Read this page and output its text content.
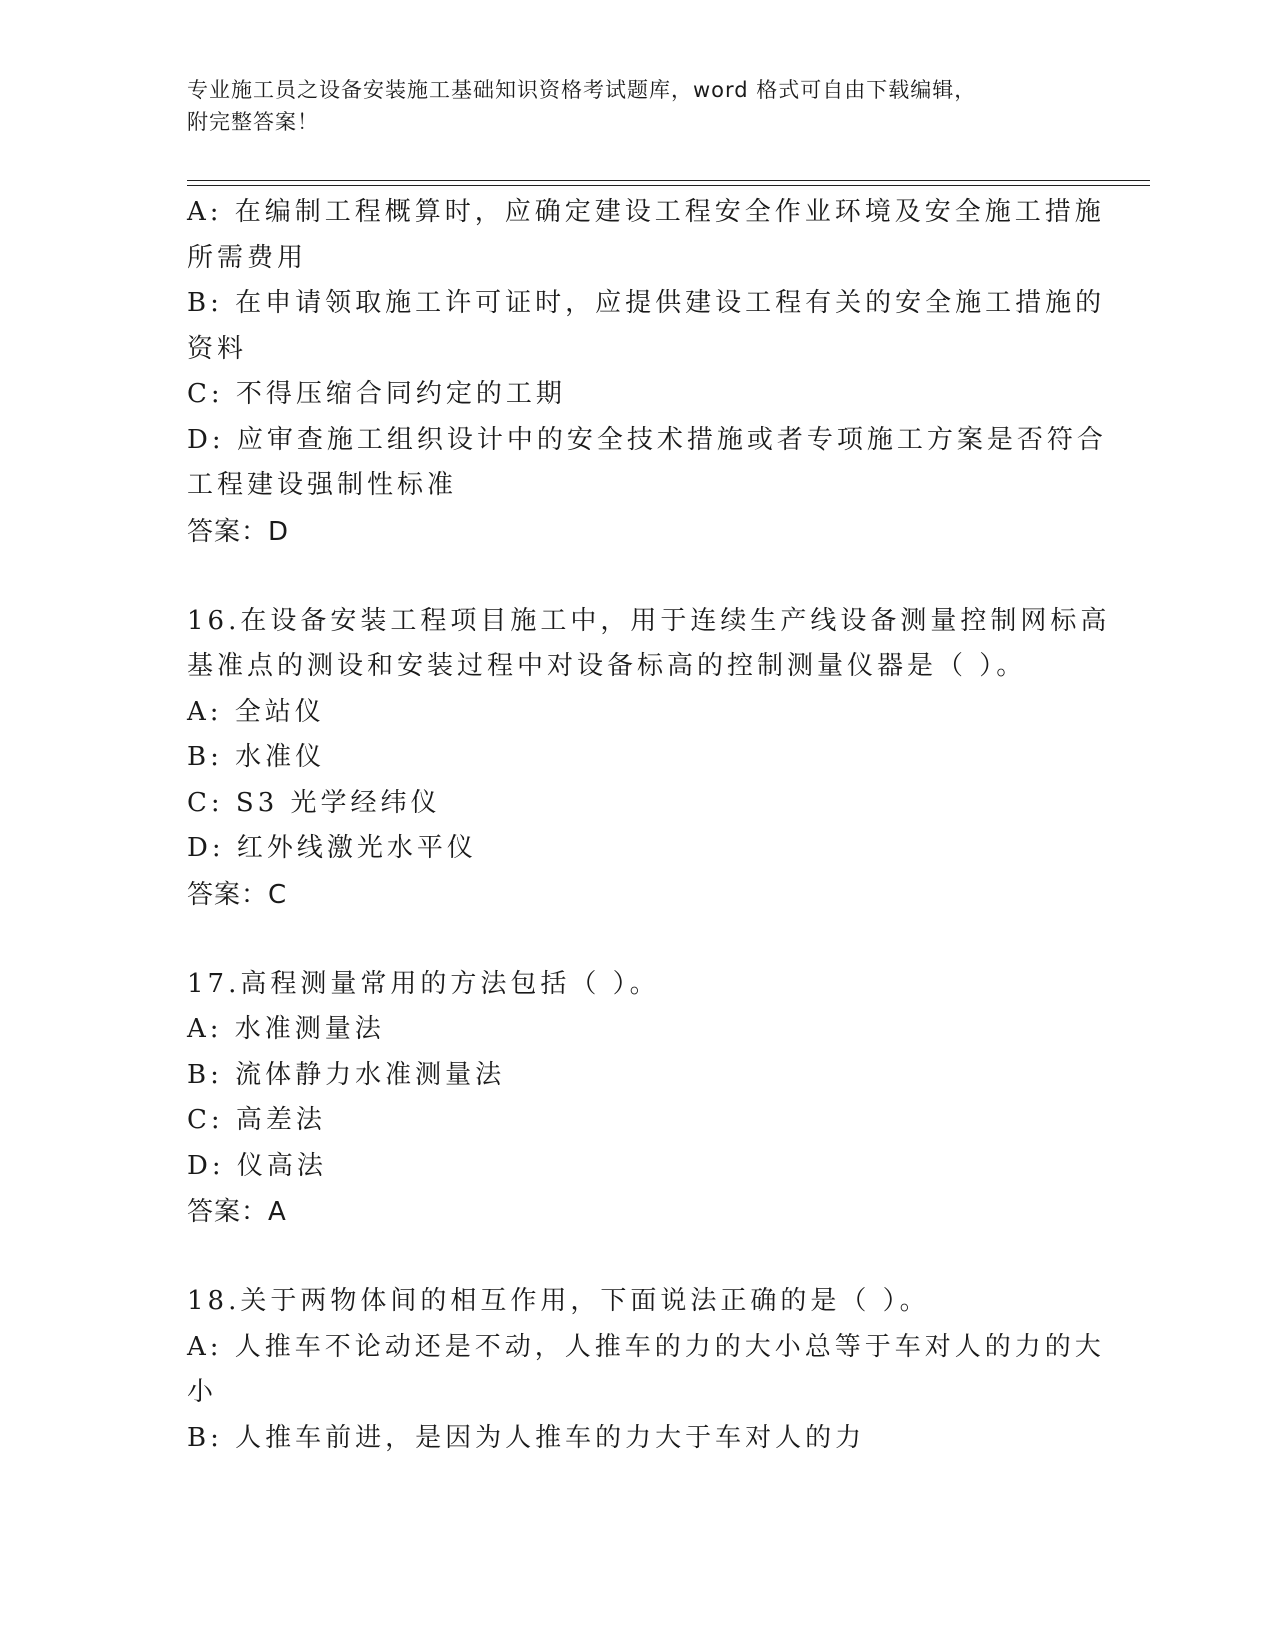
专业施工员之设备安装施工基础知识资格考试题库，word 格式可自由下载编辑，
附完整答案！
A: 在编制工程概算时，应确定建设工程安全作业环境及安全施工措施
所需费用
B: 在申请领取施工许可证时，应提供建设工程有关的安全施工措施的
资料
C: 不得压缩合同约定的工期
D: 应审查施工组织设计中的安全技术措施或者专项施工方案是否符合
工程建设强制性标准
答案：D
16.在设备安装工程项目施工中，用于连续生产线设备测量控制网标高
基准点的测设和安装过程中对设备标高的控制测量仪器是（ ）。
A: 全站仪
B: 水准仪
C: S3 光学经纬仪
D: 红外线激光水平仪
答案：C
17.高程测量常用的方法包括（ ）。
A: 水准测量法
B: 流体静力水准测量法
C: 高差法
D: 仪高法
答案：A
18.关于两物体间的相互作用，下面说法正确的是（ ）。
A: 人推车不论动还是不动，人推车的力的大小总等于车对人的力的大
小
B: 人推车前进，是因为人推车的力大于车对人的力
